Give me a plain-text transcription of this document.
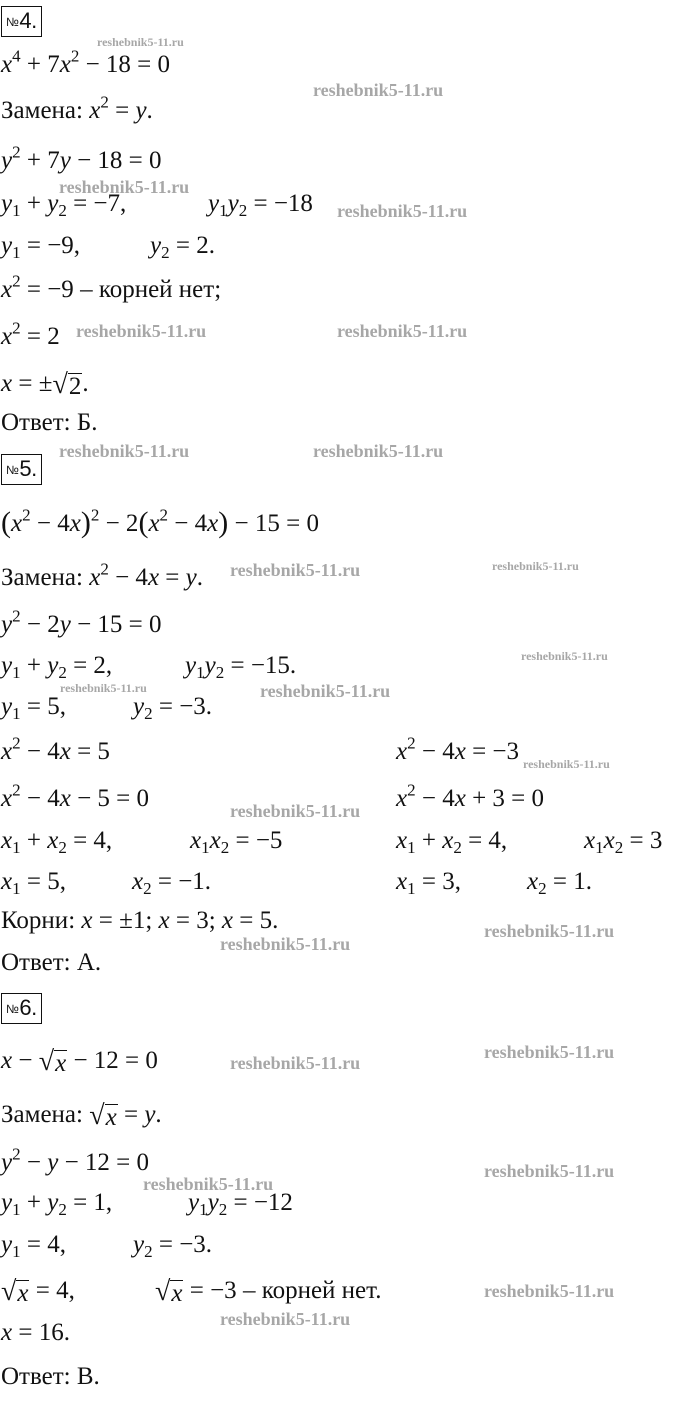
№4.
$x^4 + 7x^2 - 18 = 0$
Замена: $x^2 = y$.
$y^2 + 7y - 18 = 0$
$y_1 + y_2 = -7$,	$y_1y_2 = -18$
$y_1 = -9$,	$y_2 = 2$.
$x^2 = -9$ – корней нет;
$x^2 = 2$
x = ± √ 2 .
Ответ: Б.
№5.
$(x^2 - 4x)^2 - 2(x^2 - 4x) - 15 = 0$
Замена: $x^2 - 4x = y$.
$y^2 - 2y - 15 = 0$
$y_1 + y_2 = 2$,	$y_1y_2 = -15$.
$y_1 = 5$,	$y_2 = -3$.
$x^2 - 4x = 5$	$x^2 - 4x = -3$
$x^2 - 4x - 5 = 0$	$x^2 - 4x + 3 = 0$
$x_1 + x_2 = 4$,	$x_1x_2 = -5$	$x_1 + x_2 = 4$,	$x_1x_2 = 3$
$x_1 = 5$,	$x_2 = -1$.	$x_1 = 3$,	$x_2 = 1$.
Корни: x = ±1; x = 3; x = 5.
Ответ: А.
№6.
x − √ x − 12 = 0
Замена: √ x = y.
$y^2 - y - 12 = 0$
$y_1 + y_2 = 1$,	$y_1y_2 = -12$
$y_1 = 4$,	$y_2 = -3$.
√ x = 4,	√ x = −3 – корней нет.
x = 16.
Ответ: В.
reshebnik5-11.ru
reshebnik5-11.ru
reshebnik5-11.ru
reshebnik5-11.ru
reshebnik5-11.ru	reshebnik5-11.ru
reshebnik5-11.ru	reshebnik5-11.ru
reshebnik5-11.ru	reshebnik5-11.ru
reshebnik5-11.ru
reshebnik5-11.ru	reshebnik5-11.ru
reshebnik5-11.ru
reshebnik5-11.ru
reshebnik5-11.ru
reshebnik5-11.ru
reshebnik5-11.ru
reshebnik5-11.ru
reshebnik5-11.ru
reshebnik5-11.ru
reshebnik5-11.ru
reshebnik5-11.ru
